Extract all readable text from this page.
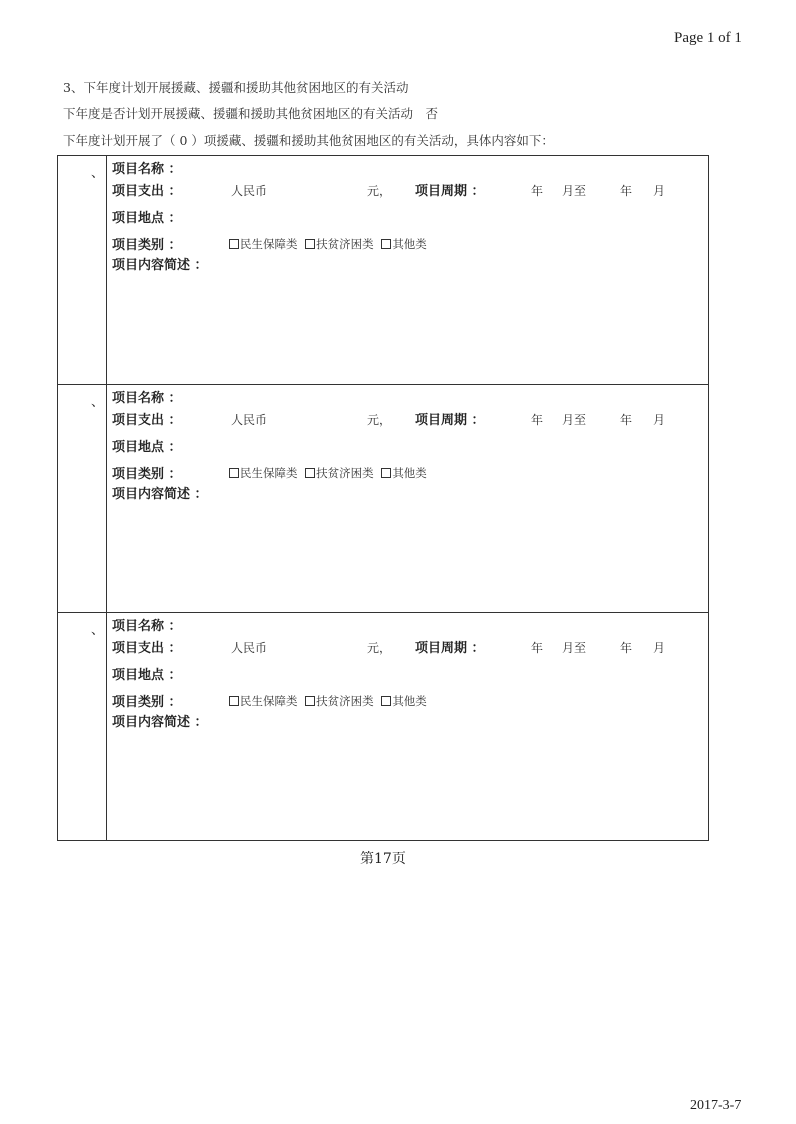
Page 1 of 1
3、下年度计划开展援藏、援疆和援助其他贫困地区的有关活动
下年度是否计划开展援藏、援疆和援助其他贫困地区的有关活动　否
下年度计划开展了（ 0 ）项援藏、援疆和援助其他贫困地区的有关活动，具体内容如下：
、 项目名称 ：
项目支出 ：	人民币	元， 项目周期 ：	年 月至	年 月
项目地点 ：
项目类别 ：	民生保障类 扶贫济困类 其他类
项目内容简述 ：
、 项目名称 ：
项目支出 ：	人民币	元， 项目周期 ：	年 月至	年 月
项目地点 ：
项目类别 ：	民生保障类 扶贫济困类 其他类
项目内容简述 ：
、 项目名称 ：
项目支出 ：	人民币	元， 项目周期 ：	年 月至	年 月
项目地点 ：
项目类别 ：	民生保障类 扶贫济困类 其他类
项目内容简述 ：
第17页
2017-3-7
